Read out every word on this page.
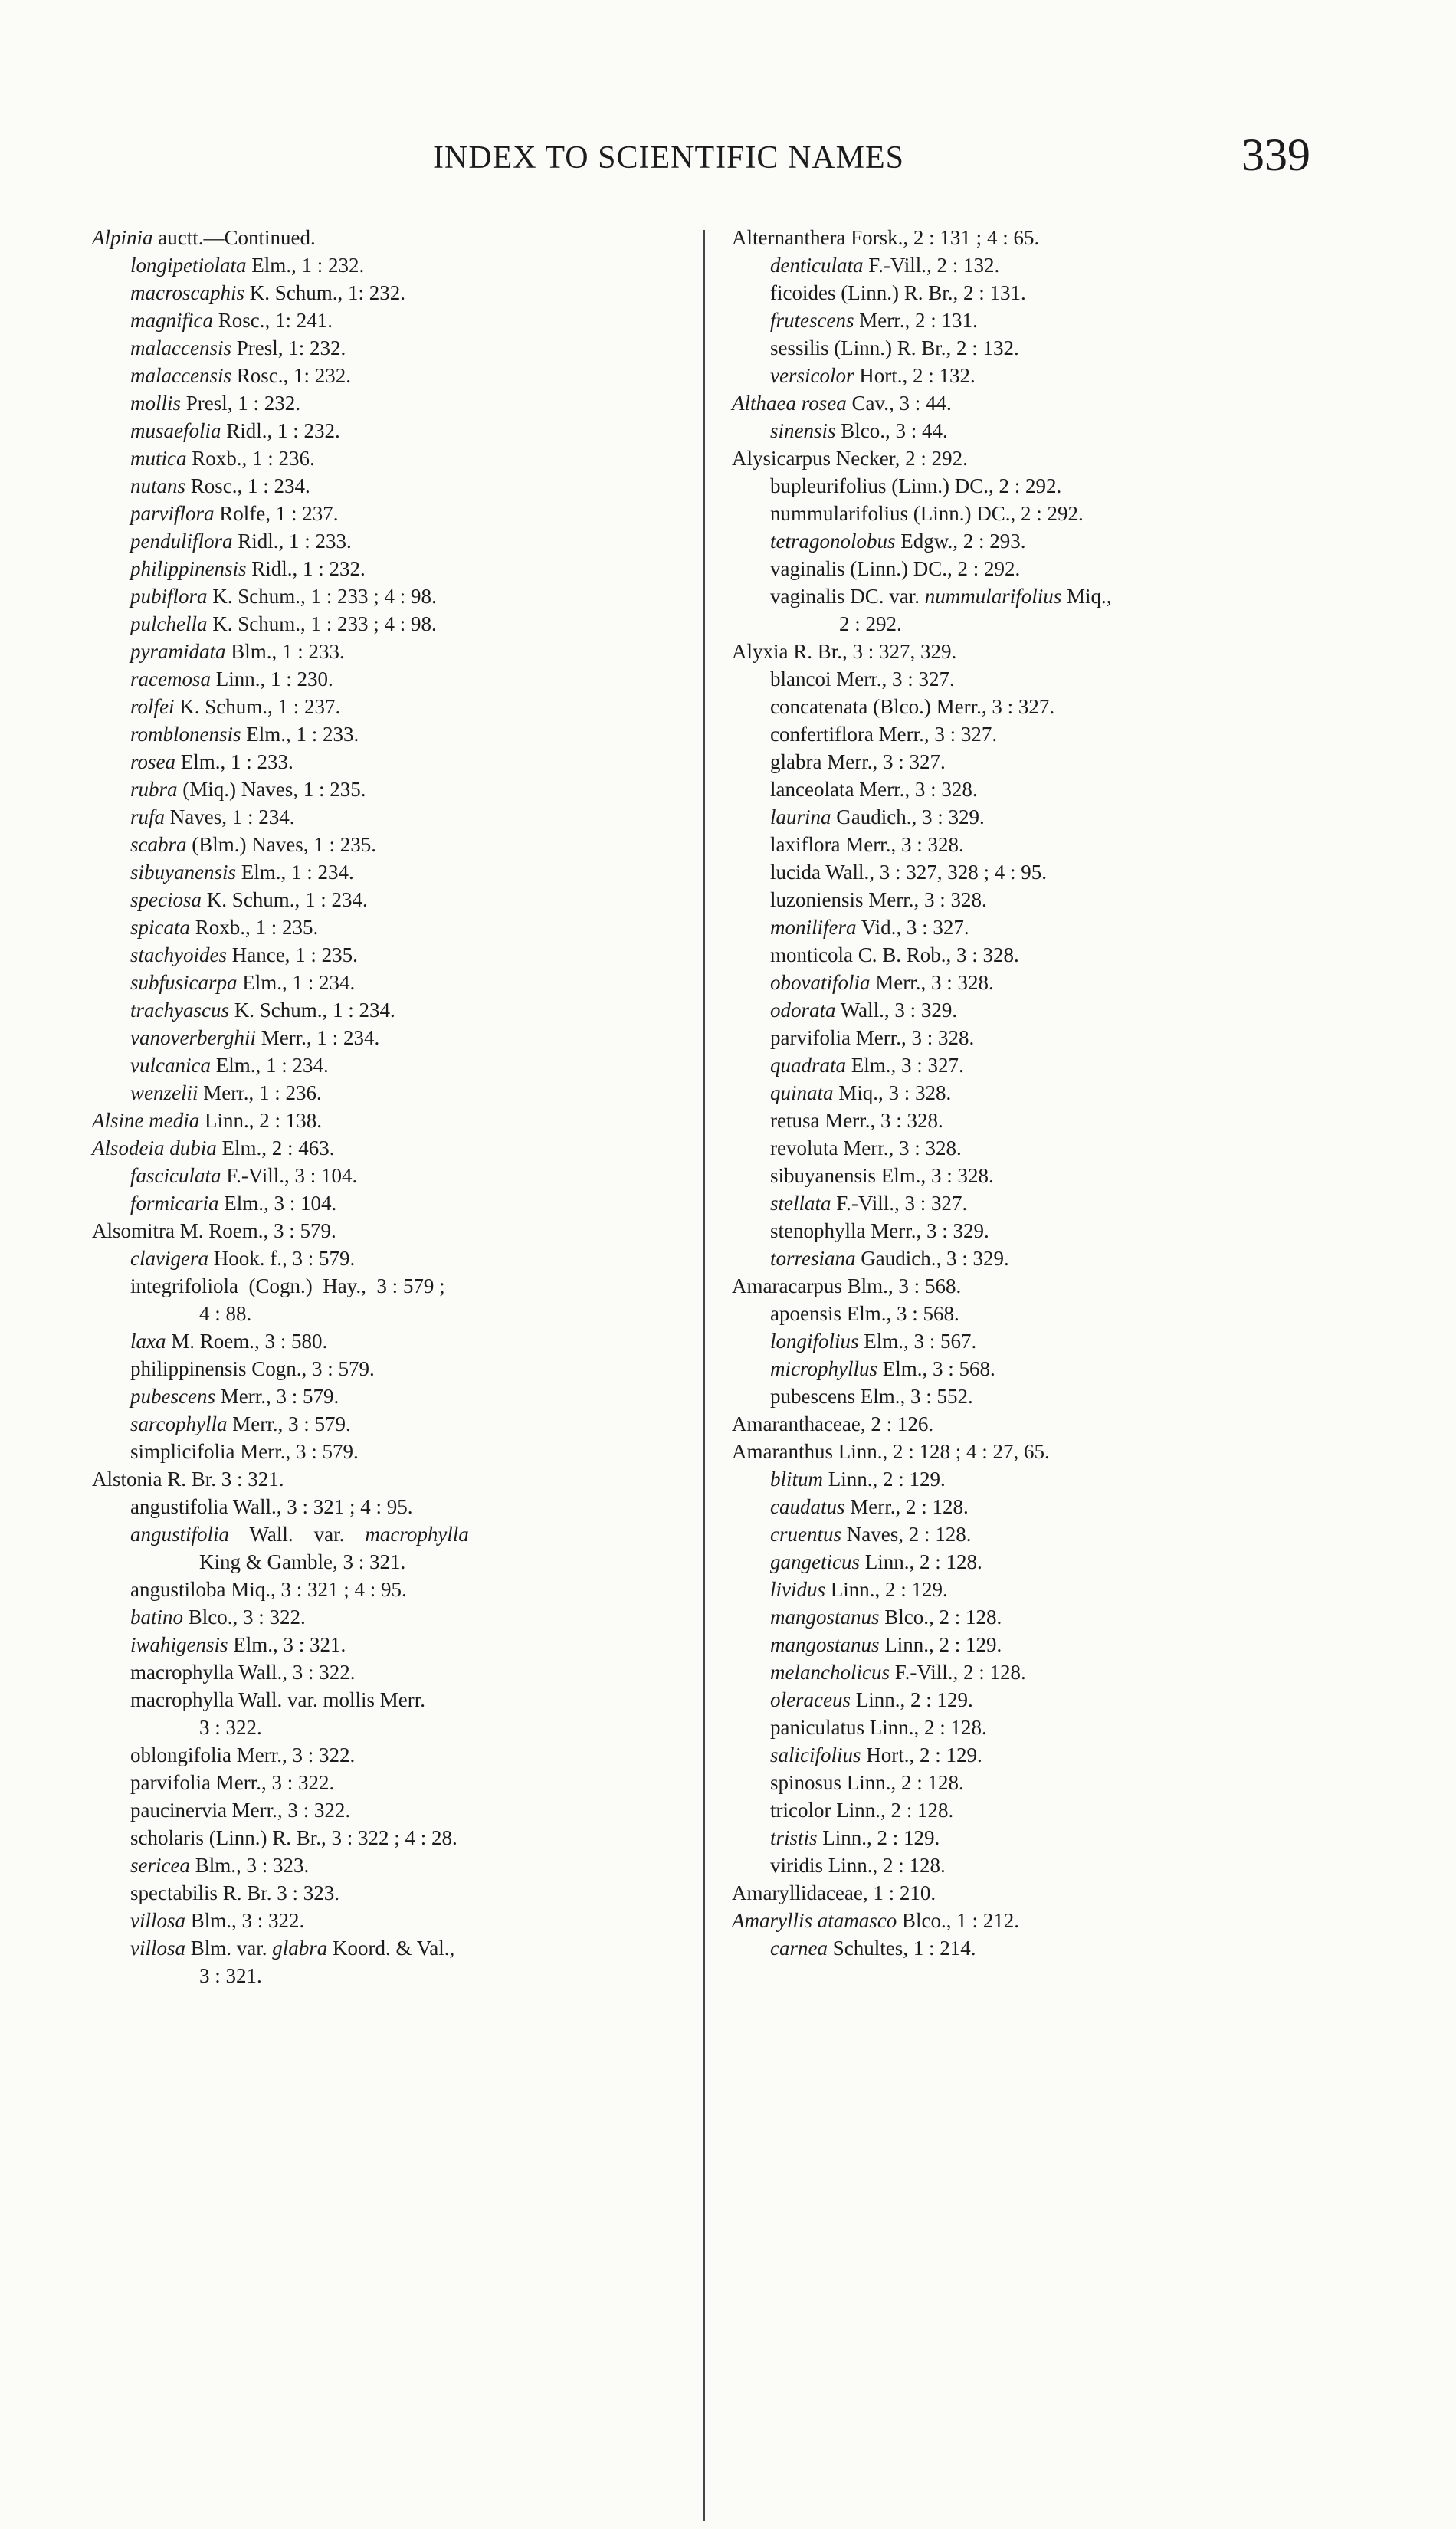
INDEX TO SCIENTIFIC NAMES	339
Alpinia auctt.—Continued.
longipetiolata Elm., 1 : 232.
macroscaphis K. Schum., 1: 232.
magnifica Rosc., 1: 241.
malaccensis Presl, 1: 232.
malaccensis Rosc., 1: 232.
mollis Presl, 1 : 232.
musaefolia Ridl., 1 : 232.
mutica Roxb., 1 : 236.
nutans Rosc., 1 : 234.
parviflora Rolfe, 1 : 237.
penduliflora Ridl., 1 : 233.
philippinensis Ridl., 1 : 232.
pubiflora K. Schum., 1 : 233 ; 4 : 98.
pulchella K. Schum., 1 : 233 ; 4 : 98.
pyramidata Blm., 1 : 233.
racemosa Linn., 1 : 230.
rolfei K. Schum., 1 : 237.
romblonensis Elm., 1 : 233.
rosea Elm., 1 : 233.
rubra (Miq.) Naves, 1 : 235.
rufa Naves, 1 : 234.
scabra (Blm.) Naves, 1 : 235.
sibuyanensis Elm., 1 : 234.
speciosa K. Schum., 1 : 234.
spicata Roxb., 1 : 235.
stachyoides Hance, 1 : 235.
subfusicarpa Elm., 1 : 234.
trachyascus K. Schum., 1 : 234.
vanoverberghii Merr., 1 : 234.
vulcanica Elm., 1 : 234.
wenzelii Merr., 1 : 236.
Alsine media Linn., 2 : 138.
Alsodeia dubia Elm., 2 : 463.
fasciculata F.-Vill., 3 : 104.
formicaria Elm., 3 : 104.
Alsomitra M. Roem., 3 : 579.
clavigera Hook. f., 3 : 579.
integrifoliola  (Cogn.)  Hay.,  3 : 579 ;
4 : 88.
laxa M. Roem., 3 : 580.
philippinensis Cogn., 3 : 579.
pubescens Merr., 3 : 579.
sarcophylla Merr., 3 : 579.
simplicifolia Merr., 3 : 579.
Alstonia R. Br. 3 : 321.
angustifolia Wall., 3 : 321 ; 4 : 95.
angustifolia    Wall.    var.    macrophylla
King & Gamble, 3 : 321.
angustiloba Miq., 3 : 321 ; 4 : 95.
batino Blco., 3 : 322.
iwahigensis Elm., 3 : 321.
macrophylla Wall., 3 : 322.
macrophylla Wall. var. mollis Merr.
3 : 322.
oblongifolia Merr., 3 : 322.
parvifolia Merr., 3 : 322.
paucinervia Merr., 3 : 322.
scholaris (Linn.) R. Br., 3 : 322 ; 4 : 28.
sericea Blm., 3 : 323.
spectabilis R. Br. 3 : 323.
villosa Blm., 3 : 322.
villosa Blm. var. glabra Koord. & Val.,
3 : 321.
Alternanthera Forsk., 2 : 131 ; 4 : 65.
denticulata F.-Vill., 2 : 132.
ficoides (Linn.) R. Br., 2 : 131.
frutescens Merr., 2 : 131.
sessilis (Linn.) R. Br., 2 : 132.
versicolor Hort., 2 : 132.
Althaea rosea Cav., 3 : 44.
sinensis Blco., 3 : 44.
Alysicarpus Necker, 2 : 292.
bupleurifolius (Linn.) DC., 2 : 292.
nummularifolius (Linn.) DC., 2 : 292.
tetragonolobus Edgw., 2 : 293.
vaginalis (Linn.) DC., 2 : 292.
vaginalis DC. var. nummularifolius Miq.,
2 : 292.
Alyxia R. Br., 3 : 327, 329.
blancoi Merr., 3 : 327.
concatenata (Blco.) Merr., 3 : 327.
confertiflora Merr., 3 : 327.
glabra Merr., 3 : 327.
lanceolata Merr., 3 : 328.
laurina Gaudich., 3 : 329.
laxiflora Merr., 3 : 328.
lucida Wall., 3 : 327, 328 ; 4 : 95.
luzoniensis Merr., 3 : 328.
monilifera Vid., 3 : 327.
monticola C. B. Rob., 3 : 328.
obovatifolia Merr., 3 : 328.
odorata Wall., 3 : 329.
parvifolia Merr., 3 : 328.
quadrata Elm., 3 : 327.
quinata Miq., 3 : 328.
retusa Merr., 3 : 328.
revoluta Merr., 3 : 328.
sibuyanensis Elm., 3 : 328.
stellata F.-Vill., 3 : 327.
stenophylla Merr., 3 : 329.
torresiana Gaudich., 3 : 329.
Amaracarpus Blm., 3 : 568.
apoensis Elm., 3 : 568.
longifolius Elm., 3 : 567.
microphyllus Elm., 3 : 568.
pubescens Elm., 3 : 552.
Amaranthaceae, 2 : 126.
Amaranthus Linn., 2 : 128 ; 4 : 27, 65.
blitum Linn., 2 : 129.
caudatus Merr., 2 : 128.
cruentus Naves, 2 : 128.
gangeticus Linn., 2 : 128.
lividus Linn., 2 : 129.
mangostanus Blco., 2 : 128.
mangostanus Linn., 2 : 129.
melancholicus F.-Vill., 2 : 128.
oleraceus Linn., 2 : 129.
paniculatus Linn., 2 : 128.
salicifolius Hort., 2 : 129.
spinosus Linn., 2 : 128.
tricolor Linn., 2 : 128.
tristis Linn., 2 : 129.
viridis Linn., 2 : 128.
Amaryllidaceae, 1 : 210.
Amaryllis atamasco Blco., 1 : 212.
carnea Schultes, 1 : 214.
